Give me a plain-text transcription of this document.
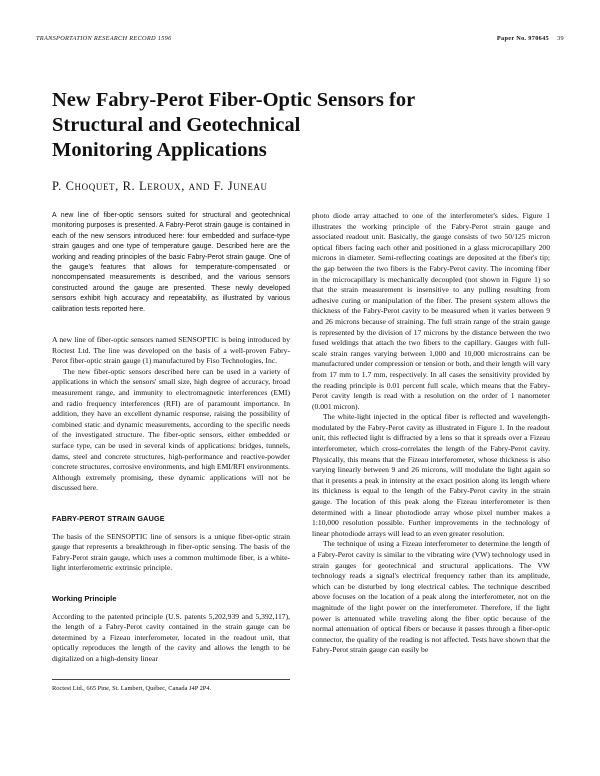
TRANSPORTATION RESEARCH RECORD 1596	Paper No. 970645 39
New Fabry-Perot Fiber-Optic Sensors for
Structural and Geotechnical
Monitoring Applications

P. Choquet, R. Leroux, and F. Juneau

A new line of fiber-optic sensors suited for structural and geotechnical monitoring purposes is presented. A Fabry-Perot strain gauge is contained in each of the new sensors introduced here: four embedded and surface-type strain gauges and one type of temperature gauge. Described here are the working and reading principles of the basic Fabry-Perot strain gauge. One of the gauge's features that allows for temperature-compensated or noncompensated measurements is described, and the various sensors constructed around the gauge are presented. These newly developed sensors exhibit high accuracy and repeatability, as illustrated by various calibration tests reported here.

A new line of fiber-optic sensors named SENSOPTIC is being introduced by Roctest Ltd. The line was developed on the basis of a well-proven Fabry-Perot fiber-optic strain gauge (1) manufactured by Fiso Technologies, Inc.

The new fiber-optic sensors described here can be used in a variety of applications in which the sensors' small size, high degree of accuracy, broad measurement range, and immunity to electromagnetic interferences (EMI) and radio frequency interferences (RFI) are of paramount importance. In addition, they have an excellent dynamic response, raising the possibility of combined static and dynamic measurements, according to the specific needs of the investigated structure. The fiber-optic sensors, either embedded or surface type, can be used in several kinds of applications: bridges, tunnels, dams, steel and concrete structures, high-performance and reactive-powder concrete structures, corrosive environments, and high EMI/RFI environments. Although extremely promising, these dynamic applications will not be discussed here.

FABRY-PEROT STRAIN GAUGE

The basis of the SENSOPTIC line of sensors is a unique fiber-optic strain gauge that represents a breakthrough in fiber-optic sensing. The basis of the Fabry-Perot strain gauge, which uses a common multimode fiber, is a white-light interferometric extrinsic principle.

Working Principle

According to the patented principle (U.S. patents 5,202,939 and 5,392,117), the length of a Fabry-Perot cavity contained in the strain gauge can be determined by a Fizeau interferometer, located in the readout unit, that optically reproduces the length of the cavity and allows the length to be digitalized on a high-density linear

Roctest Ltd., 665 Pine, St. Lambert, Québec, Canada J4P 2P4.

photo diode array attached to one of the interferometer's sides. Figure 1 illustrates the working principle of the Fabry-Perot strain gauge and associated readout unit. Basically, the gauge consists of two 50/125 micron optical fibers facing each other and positioned in a glass microcapillary 200 microns in diameter. Semi-reflecting coatings are deposited at the fiber's tip; the gap between the two fibers is the Fabry-Perot cavity. The incoming fiber in the microcapillary is mechanically decoupled (not shown in Figure 1) so that the strain measurement is insensitive to any pulling resulting from adhesive curing or manipulation of the fiber. The present system allows the thickness of the Fabry-Perot cavity to be measured when it varies between 9 and 26 microns because of straining. The full strain range of the strain gauge is represented by the division of 17 microns by the distance between the two fused weldings that attach the two fibers to the capillary. Gauges with full-scale strain ranges varying between 1,000 and 10,000 microstrains can be manufactured under compression or tension or both, and their length will vary from 17 mm to 1.7 mm, respectively. In all cases the sensitivity provided by the reading principle is 0.01 percent full scale, which means that the Fabry-Perot cavity length is read with a resolution on the order of 1 nanometer (0.001 micron).

The white-light injected in the optical fiber is reflected and wavelength-modulated by the Fabry-Perot cavity as illustrated in Figure 1. In the readout unit, this reflected light is diffracted by a lens so that it spreads over a Fizeau interferometer, which cross-correlates the length of the Fabry-Perot cavity. Physically, this means that the Fizeau interferometer, whose thickness is also varying linearly between 9 and 26 microns, will modulate the light again so that it presents a peak in intensity at the exact position along its length where its thickness is equal to the length of the Fabry-Perot cavity in the strain gauge. The location of this peak along the Fizeau interferometer is then determined with a linear photodiode array whose pixel number makes a 1:10,000 resolution possible. Further improvements in the technology of linear photodiode arrays will lead to an even greater resolution.

The technique of using a Fizeau interferometer to determine the length of a Fabry-Perot cavity is similar to the vibrating wire (VW) technology used in strain gauges for geotechnical and structural applications. The VW technology reads a signal's electrical frequency rather than its amplitude, which can be disturbed by long electrical cables. The technique described above focuses on the location of a peak along the interferometer, not on the magnitude of the light power on the interferometer. Therefore, if the light power is attenuated while traveling along the fiber optic because of the normal attenuation of optical fibers or because it passes through a fiber-optic connector, the quality of the reading is not affected. Tests have shown that the Fabry-Perot strain gauge can easily be
